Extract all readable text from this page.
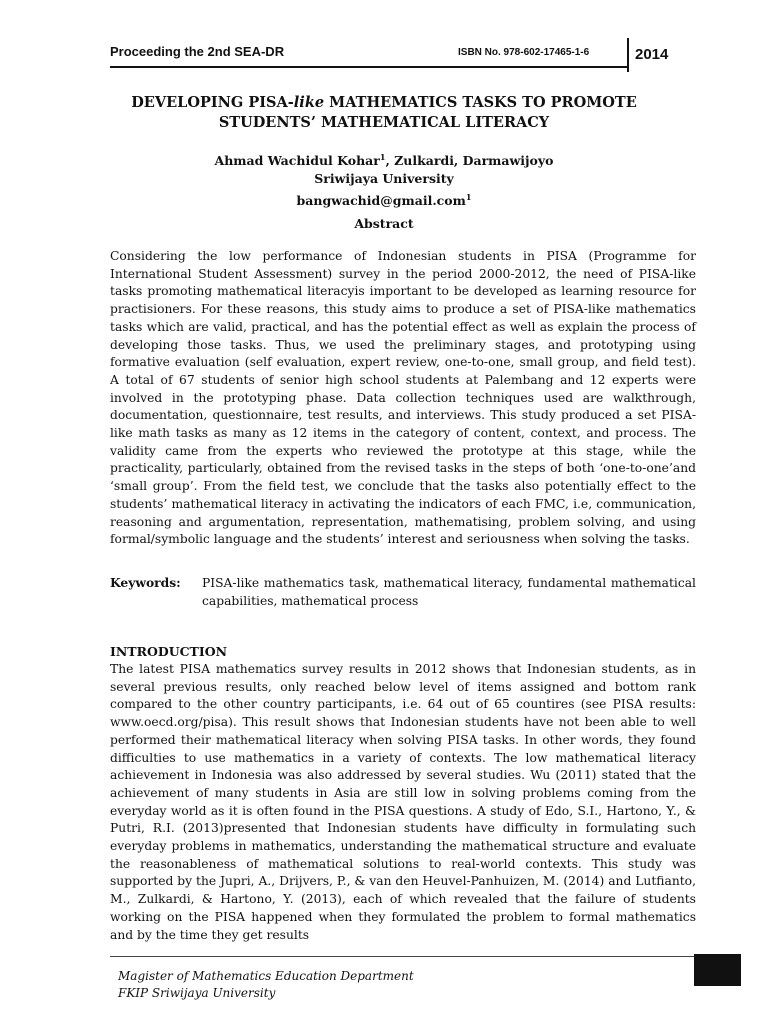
Proceeding the 2nd SEA-DR	ISBN No. 978-602-17465-1-6	2014
DEVELOPING PISA-like MATHEMATICS TASKS TO PROMOTE STUDENTS’ MATHEMATICAL LITERACY
Ahmad Wachidul Kohar$^1$, Zulkardi, Darmawijoyo
Sriwijaya University
bangwachid@gmail.com$^1$
Abstract
Considering the low performance of Indonesian students in PISA (Programme for International Student Assessment) survey in the period 2000-2012, the need of PISA-like tasks promoting mathematical literacyis important to be developed as learning resource for practisioners. For these reasons, this study aims to produce a set of PISA-like mathematics tasks which are valid, practical, and has the potential effect as well as explain the process of developing those tasks. Thus, we used the preliminary stages, and prototyping using formative evaluation (self evaluation, expert review, one-to-one, small group, and field test). A total of 67 students of senior high school students at Palembang and 12 experts were involved in the prototyping phase. Data collection techniques used are walkthrough, documentation, questionnaire, test results, and interviews. This study produced a set PISA-like math tasks as many as 12 items in the category of content, context, and process. The validity came from the experts who reviewed the prototype at this stage, while the practicality, particularly, obtained from the revised tasks in the steps of both ‘one-to-one’and ‘small group’. From the field test, we conclude that the tasks also potentially effect to the students’ mathematical literacy in activating the indicators of each FMC, i.e, communication, reasoning and argumentation, representation, mathematising, problem solving, and using formal/symbolic language and the students’ interest and seriousness when solving the tasks.
Keywords: PISA-like mathematics task, mathematical literacy, fundamental mathematical capabilities, mathematical process
INTRODUCTION
The latest PISA mathematics survey results in 2012 shows that Indonesian students, as in several previous results, only reached below level of items assigned and bottom rank compared to the other country participants, i.e. 64 out of 65 countires (see PISA results: www.oecd.org/pisa). This result shows that Indonesian students have not been able to well performed their mathematical literacy when solving PISA tasks. In other words, they found difficulties to use mathematics in a variety of contexts. The low mathematical literacy achievement in Indonesia was also addressed by several studies. Wu (2011) stated that the achievement of many students in Asia are still low in solving problems coming from the everyday world as it is often found in the PISA questions. A study of Edo, S.I., Hartono, Y., & Putri, R.I. (2013)presented that Indonesian students have difficulty in formulating such everyday problems in mathematics, understanding the mathematical structure and evaluate the reasonableness of mathematical solutions to real-world contexts. This study was supported by the Jupri, A., Drijvers, P., & van den Heuvel-Panhuizen, M. (2014) and Lutfianto, M., Zulkardi, & Hartono, Y. (2013), each of which revealed that the failure of students working on the PISA happened when they formulated the problem to formal mathematics and by the time they get results
Magister of Mathematics Education Department
FKIP Sriwijaya University
